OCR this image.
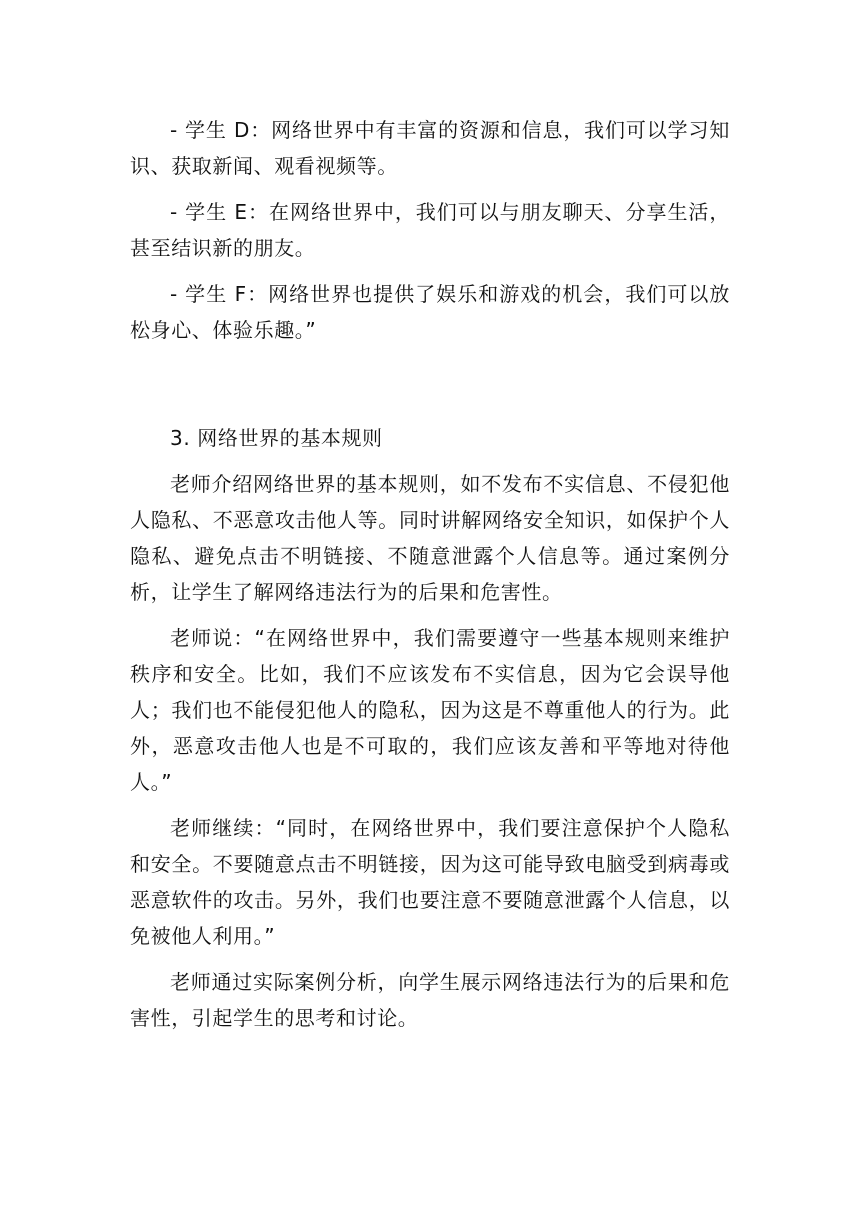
- 学生 D：网络世界中有丰富的资源和信息，我们可以学习知识、获取新闻、观看视频等。

- 学生 E：在网络世界中，我们可以与朋友聊天、分享生活，甚至结识新的朋友。

- 学生 F：网络世界也提供了娱乐和游戏的机会，我们可以放松身心、体验乐趣。”

3. 网络世界的基本规则

老师介绍网络世界的基本规则，如不发布不实信息、不侵犯他人隐私、不恶意攻击他人等。同时讲解网络安全知识，如保护个人隐私、避免点击不明链接、不随意泄露个人信息等。通过案例分析，让学生了解网络违法行为的后果和危害性。

老师说：“在网络世界中，我们需要遵守一些基本规则来维护秩序和安全。比如，我们不应该发布不实信息，因为它会误导他人；我们也不能侵犯他人的隐私，因为这是不尊重他人的行为。此外，恶意攻击他人也是不可取的，我们应该友善和平等地对待他人。”

老师继续：“同时，在网络世界中，我们要注意保护个人隐私和安全。不要随意点击不明链接，因为这可能导致电脑受到病毒或恶意软件的攻击。另外，我们也要注意不要随意泄露个人信息，以免被他人利用。”

老师通过实际案例分析，向学生展示网络违法行为的后果和危害性，引起学生的思考和讨论。
